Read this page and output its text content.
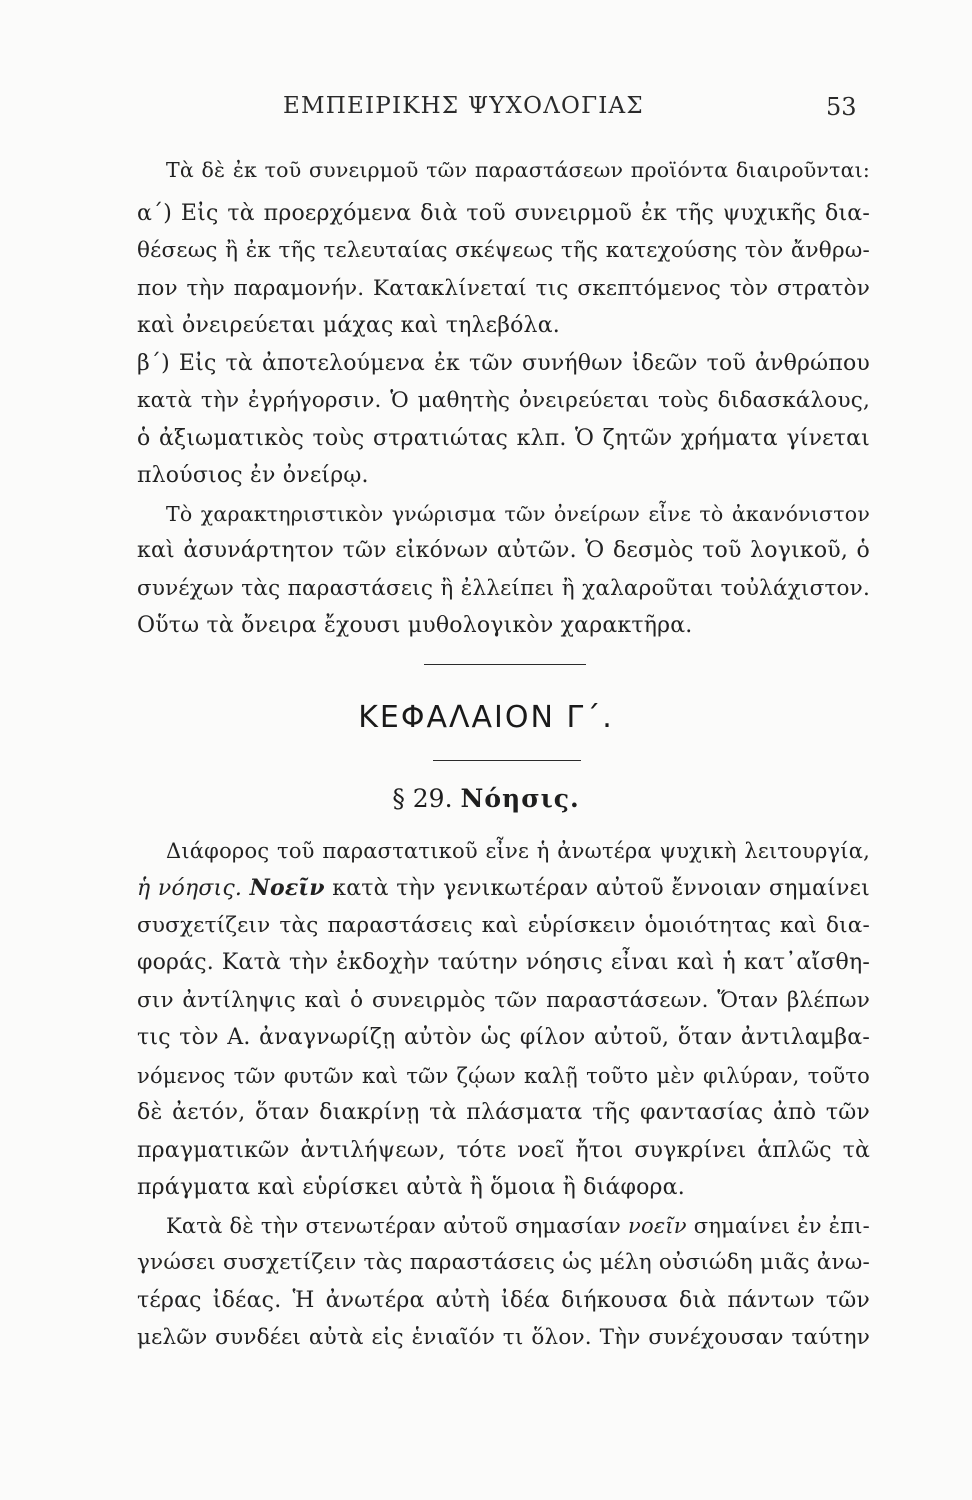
ΕΜΠΕΙΡΙΚΗΣ ΨΥΧΟΛΟΓΙΑΣ	53
Τὰ δὲ ἐκ τοῦ συνειρμοῦ τῶν παραστάσεων προϊόντα διαιροῦνται:
α΄) Εἰς τὰ προερχόμενα διὰ τοῦ συνειρμοῦ ἐκ τῆς ψυχικῆς δια-
θέσεως ἢ ἐκ τῆς τελευταίας σκέψεως τῆς κατεχούσης τὸν ἄνθρω-
πον τὴν παραμονήν. Κατακλίνεταί τις σκεπτόμενος τὸν στρατὸν
καὶ ὀνειρεύεται μάχας καὶ τηλεβόλα.
β΄) Εἰς τὰ ἀποτελούμενα ἐκ τῶν συνήθων ἰδεῶν τοῦ ἀνθρώπου
κατὰ τὴν ἐγρήγορσιν. Ὁ μαθητὴς ὀνειρεύεται τοὺς διδασκάλους,
ὁ ἀξιωματικὸς τοὺς στρατιώτας κλπ. Ὁ ζητῶν χρήματα γίνεται
πλούσιος ἐν ὀνείρῳ.
Τὸ χαρακτηριστικὸν γνώρισμα τῶν ὀνείρων εἶνε τὸ ἀκανόνιστον
καὶ ἀσυνάρτητον τῶν εἰκόνων αὐτῶν. Ὁ δεσμὸς τοῦ λογικοῦ, ὁ
συνέχων τὰς παραστάσεις ἢ ἐλλείπει ἢ χαλαροῦται τοὐλάχιστον.
Οὕτω τὰ ὄνειρα ἔχουσι μυθολογικὸν χαρακτῆρα.
ΚΕΦΑΛΑΙΟΝ Γ΄.
§ 29. Νόησις.
Διάφορος τοῦ παραστατικοῦ εἶνε ἡ ἀνωτέρα ψυχικὴ λειτουργία,
ἡ νόησις. Νοεῖν κατὰ τὴν γενικωτέραν αὐτοῦ ἔννοιαν σημαίνει
συσχετίζειν τὰς παραστάσεις καὶ εὑρίσκειν ὁμοιότητας καὶ δια-
φοράς. Κατὰ τὴν ἐκδοχὴν ταύτην νόησις εἶναι καὶ ἡ κατ᾽αἴσθη-
σιν ἀντίληψις καὶ ὁ συνειρμὸς τῶν παραστάσεων. Ὅταν βλέπων
τις τὸν Α. ἀναγνωρίζῃ αὐτὸν ὡς φίλον αὐτοῦ, ὅταν ἀντιλαμβα-
νόμενος τῶν φυτῶν καὶ τῶν ζῴων καλῇ τοῦτο μὲν φιλύραν, τοῦτο
δὲ ἀετόν, ὅταν διακρίνῃ τὰ πλάσματα τῆς φαντασίας ἀπὸ τῶν
πραγματικῶν ἀντιλήψεων, τότε νοεῖ ἤτοι συγκρίνει ἁπλῶς τὰ
πράγματα καὶ εὑρίσκει αὐτὰ ἢ ὅμοια ἢ διάφορα.
Κατὰ δὲ τὴν στενωτέραν αὐτοῦ σημασίαν νοεῖν σημαίνει ἐν ἐπι-
γνώσει συσχετίζειν τὰς παραστάσεις ὡς μέλη οὐσιώδη μιᾶς ἀνω-
τέρας ἰδέας. Ἡ ἀνωτέρα αὐτὴ ἰδέα διήκουσα διὰ πάντων τῶν
μελῶν συνδέει αὐτὰ εἰς ἑνιαῖόν τι ὅλον. Τὴν συνέχουσαν ταύτην
